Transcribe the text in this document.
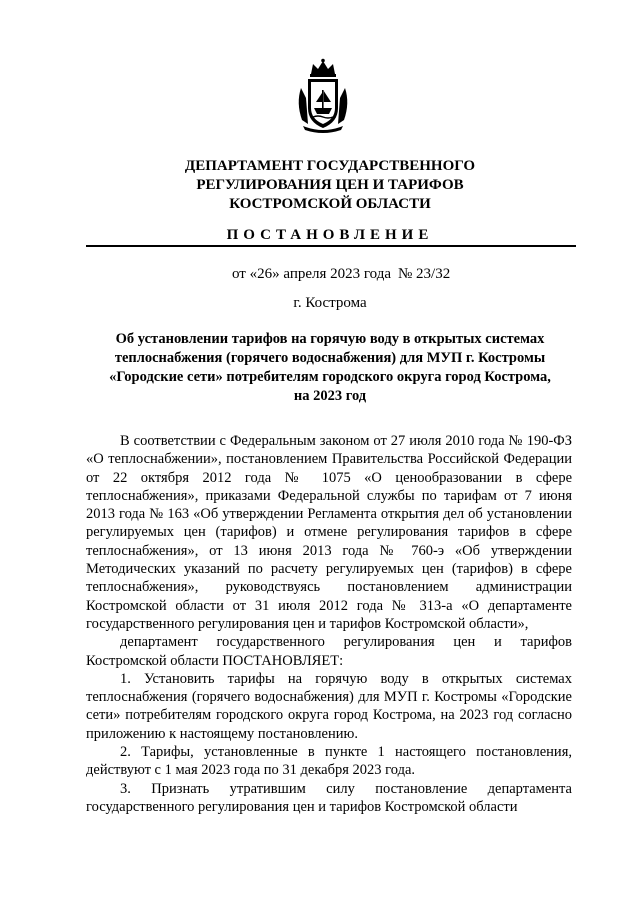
ДЕПАРТАМЕНТ ГОСУДАРСТВЕННОГО
РЕГУЛИРОВАНИЯ ЦЕН И ТАРИФОВ
КОСТРОМСКОЙ ОБЛАСТИ
ПОСТАНОВЛЕНИЕ
от «26» апреля 2023 года № 23/32
г. Кострома
Об установлении тарифов на горячую воду в открытых системах
теплоснабжения (горячего водоснабжения) для МУП г. Костромы
«Городские сети» потребителям городского округа город Кострома,
на 2023 год

В соответствии с Федеральным законом от 27 июля 2010 года № 190-ФЗ «О теплоснабжении», постановлением Правительства Российской Федерации от 22 октября 2012 года № 1075 «О ценообразовании в сфере теплоснабжения», приказами Федеральной службы по тарифам от 7 июня 2013 года № 163 «Об утверждении Регламента открытия дел об установлении регулируемых цен (тарифов) и отмене регулирования тарифов в сфере теплоснабжения», от 13 июня 2013 года № 760-э «Об утверждении Методических указаний по расчету регулируемых цен (тарифов) в сфере теплоснабжения», руководствуясь постановлением администрации Костромской области от 31 июля 2012 года № 313-а «О департаменте государственного регулирования цен и тарифов Костромской области»,

департамент государственного регулирования цен и тарифов Костромской области ПОСТАНОВЛЯЕТ:

1. Установить тарифы на горячую воду в открытых системах теплоснабжения (горячего водоснабжения) для МУП г. Костромы «Городские сети» потребителям городского округа город Кострома, на 2023 год согласно приложению к настоящему постановлению.

2. Тарифы, установленные в пункте 1 настоящего постановления, действуют с 1 мая 2023 года по 31 декабря 2023 года.

3. Признать утратившим силу постановление департамента государственного регулирования цен и тарифов Костромской области
